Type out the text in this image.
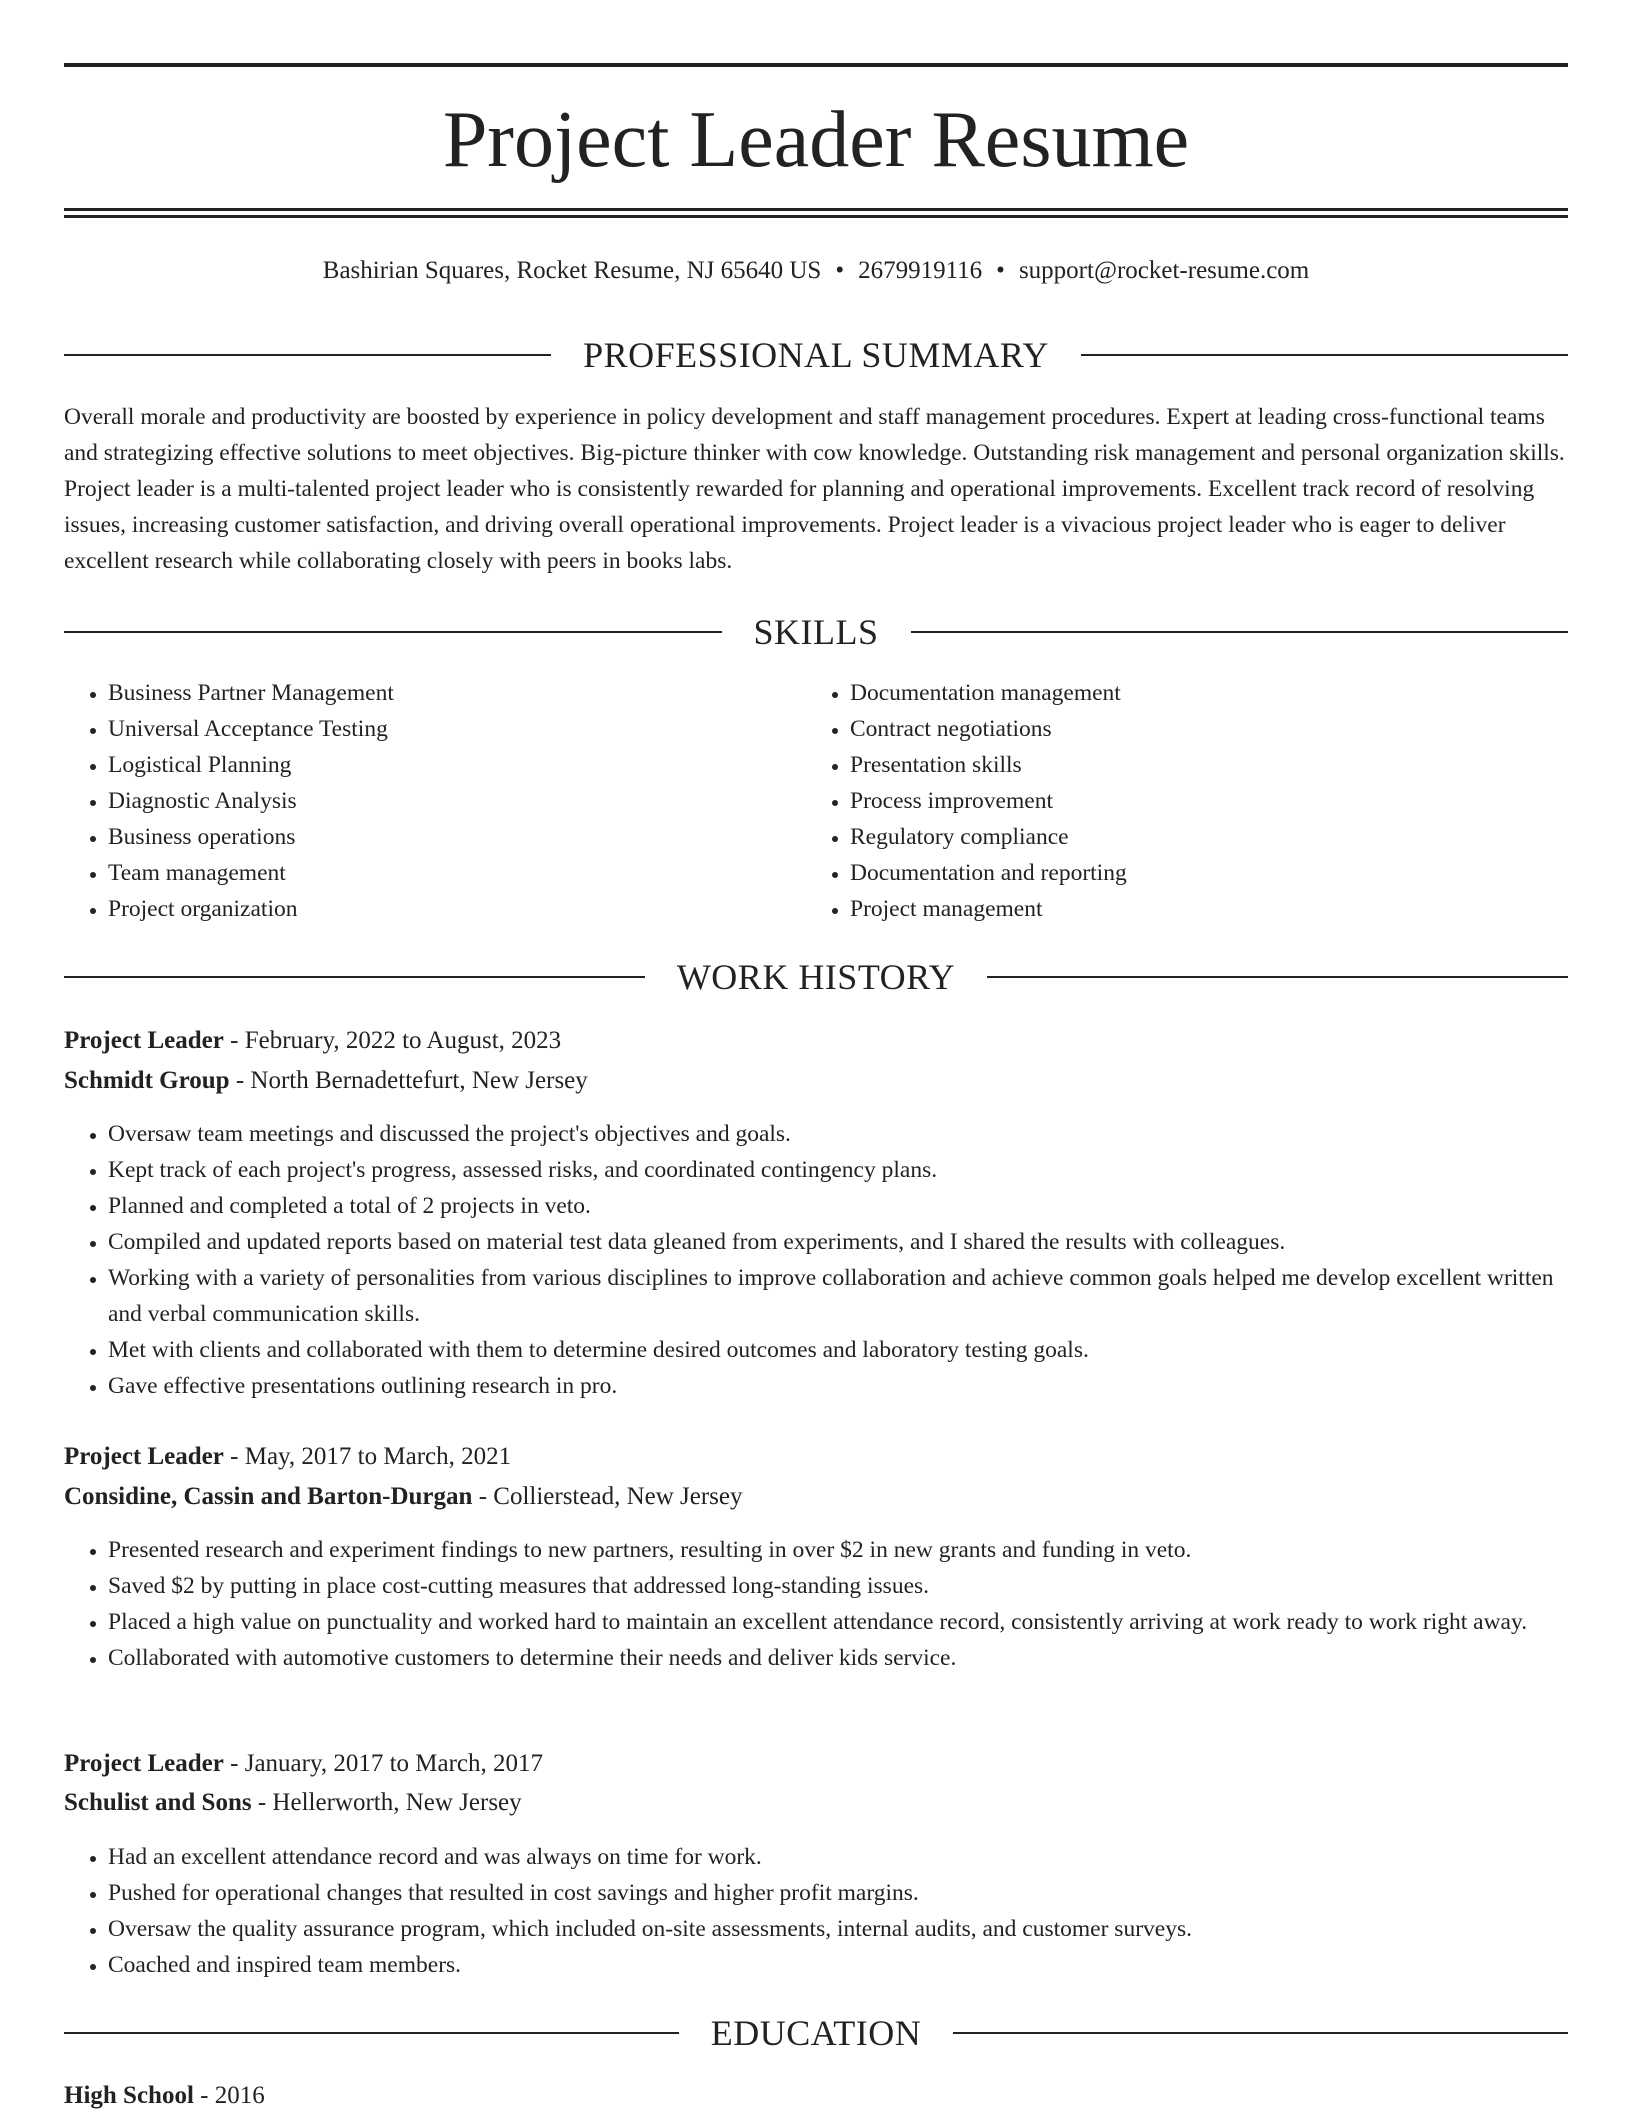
Project Leader Resume
Bashirian Squares, Rocket Resume, NJ 65640 US • 2679919116 • support@rocket-resume.com
PROFESSIONAL SUMMARY

Overall morale and productivity are boosted by experience in policy development and staff management procedures. Expert at leading cross-functional teams and strategizing effective solutions to meet objectives. Big-picture thinker with cow knowledge. Outstanding risk management and personal organization skills. Project leader is a multi-talented project leader who is consistently rewarded for planning and operational improvements. Excellent track record of resolving issues, increasing customer satisfaction, and driving overall operational improvements. Project leader is a vivacious project leader who is eager to deliver excellent research while collaborating closely with peers in books labs.

SKILLS
• Business Partner Management
• Universal Acceptance Testing
• Logistical Planning
• Diagnostic Analysis
• Business operations
• Team management
• Project organization
• Documentation management
• Contract negotiations
• Presentation skills
• Process improvement
• Regulatory compliance
• Documentation and reporting
• Project management
WORK HISTORY
Project Leader - February, 2022 to August, 2023
Schmidt Group - North Bernadettefurt, New Jersey
• Oversaw team meetings and discussed the project's objectives and goals.
• Kept track of each project's progress, assessed risks, and coordinated contingency plans.
• Planned and completed a total of 2 projects in veto.
• Compiled and updated reports based on material test data gleaned from experiments, and I shared the results with colleagues.
• Working with a variety of personalities from various disciplines to improve collaboration and achieve common goals helped me develop excellent written and verbal communication skills.
• Met with clients and collaborated with them to determine desired outcomes and laboratory testing goals.
• Gave effective presentations outlining research in pro.
Project Leader - May, 2017 to March, 2021
Considine, Cassin and Barton-Durgan - Collierstead, New Jersey
• Presented research and experiment findings to new partners, resulting in over $2 in new grants and funding in veto.
• Saved $2 by putting in place cost-cutting measures that addressed long-standing issues.
• Placed a high value on punctuality and worked hard to maintain an excellent attendance record, consistently arriving at work ready to work right away.
• Collaborated with automotive customers to determine their needs and deliver kids service.
Project Leader - January, 2017 to March, 2017
Schulist and Sons - Hellerworth, New Jersey
• Had an excellent attendance record and was always on time for work.
• Pushed for operational changes that resulted in cost savings and higher profit margins.
• Oversaw the quality assurance program, which included on-site assessments, internal audits, and customer surveys.
• Coached and inspired team members.
EDUCATION
High School - 2016
